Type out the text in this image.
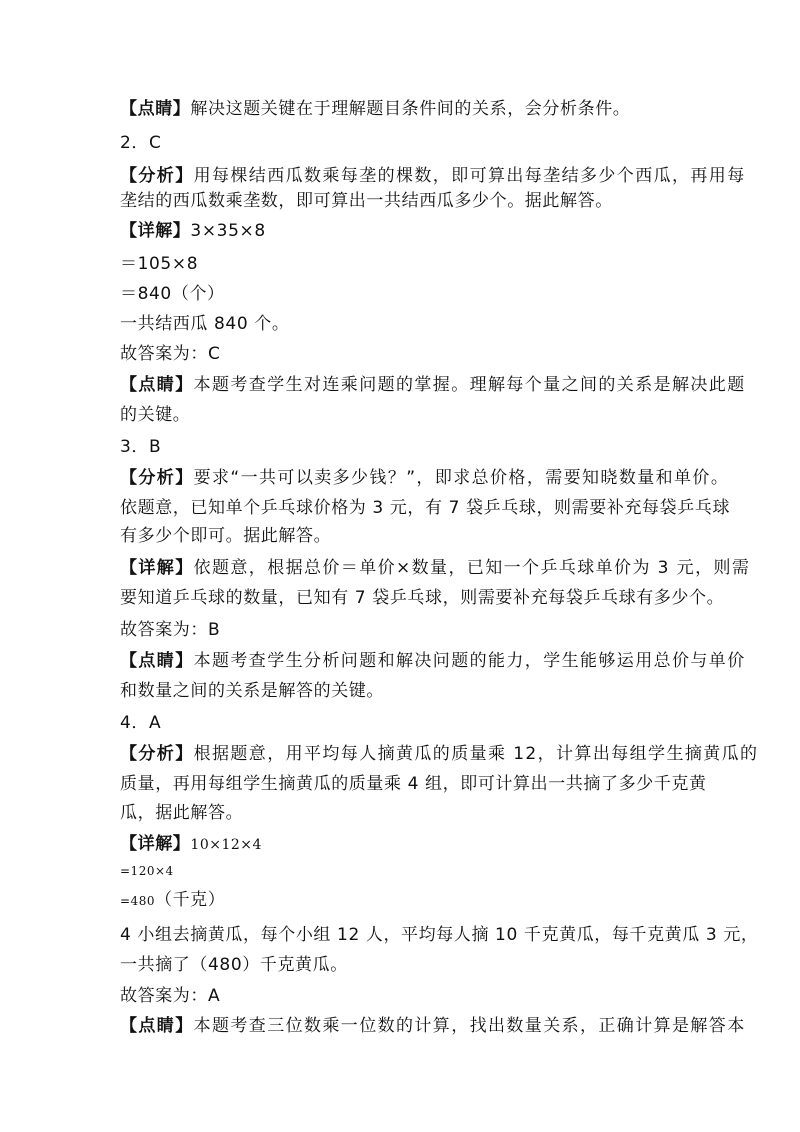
【点睛】解决这题关键在于理解题目条件间的关系，会分析条件。

2．C

【分析】用每棵结西瓜数乘每垄的棵数，即可算出每垄结多少个西瓜，再用每

垄结的西瓜数乘垄数，即可算出一共结西瓜多少个。据此解答。

【详解】3×35×8

＝105×8

＝840（个）

一共结西瓜 840 个。

故答案为：C

【点睛】本题考查学生对连乘问题的掌握。理解每个量之间的关系是解决此题

的关键。

3．B

【分析】要求“一共可以卖多少钱？”，即求总价格，需要知晓数量和单价。

依题意，已知单个乒乓球价格为 3 元，有 7 袋乒乓球，则需要补充每袋乒乓球

有多少个即可。据此解答。

【详解】依题意，根据总价＝单价×数量，已知一个乒乓球单价为 3 元，则需

要知道乒乓球的数量，已知有 7 袋乒乓球，则需要补充每袋乒乓球有多少个。

故答案为：B

【点睛】本题考查学生分析问题和解决问题的能力，学生能够运用总价与单价

和数量之间的关系是解答的关键。

4．A

【分析】根据题意，用平均每人摘黄瓜的质量乘 12，计算出每组学生摘黄瓜的

质量，再用每组学生摘黄瓜的质量乘 4 组，即可计算出一共摘了多少千克黄

瓜，据此解答。

【详解】10×12×4

=120×4

=480（千克）

4 小组去摘黄瓜，每个小组 12 人，平均每人摘 10 千克黄瓜，每千克黄瓜 3 元，

一共摘了（480）千克黄瓜。

故答案为：A

【点睛】本题考查三位数乘一位数的计算，找出数量关系，正确计算是解答本
